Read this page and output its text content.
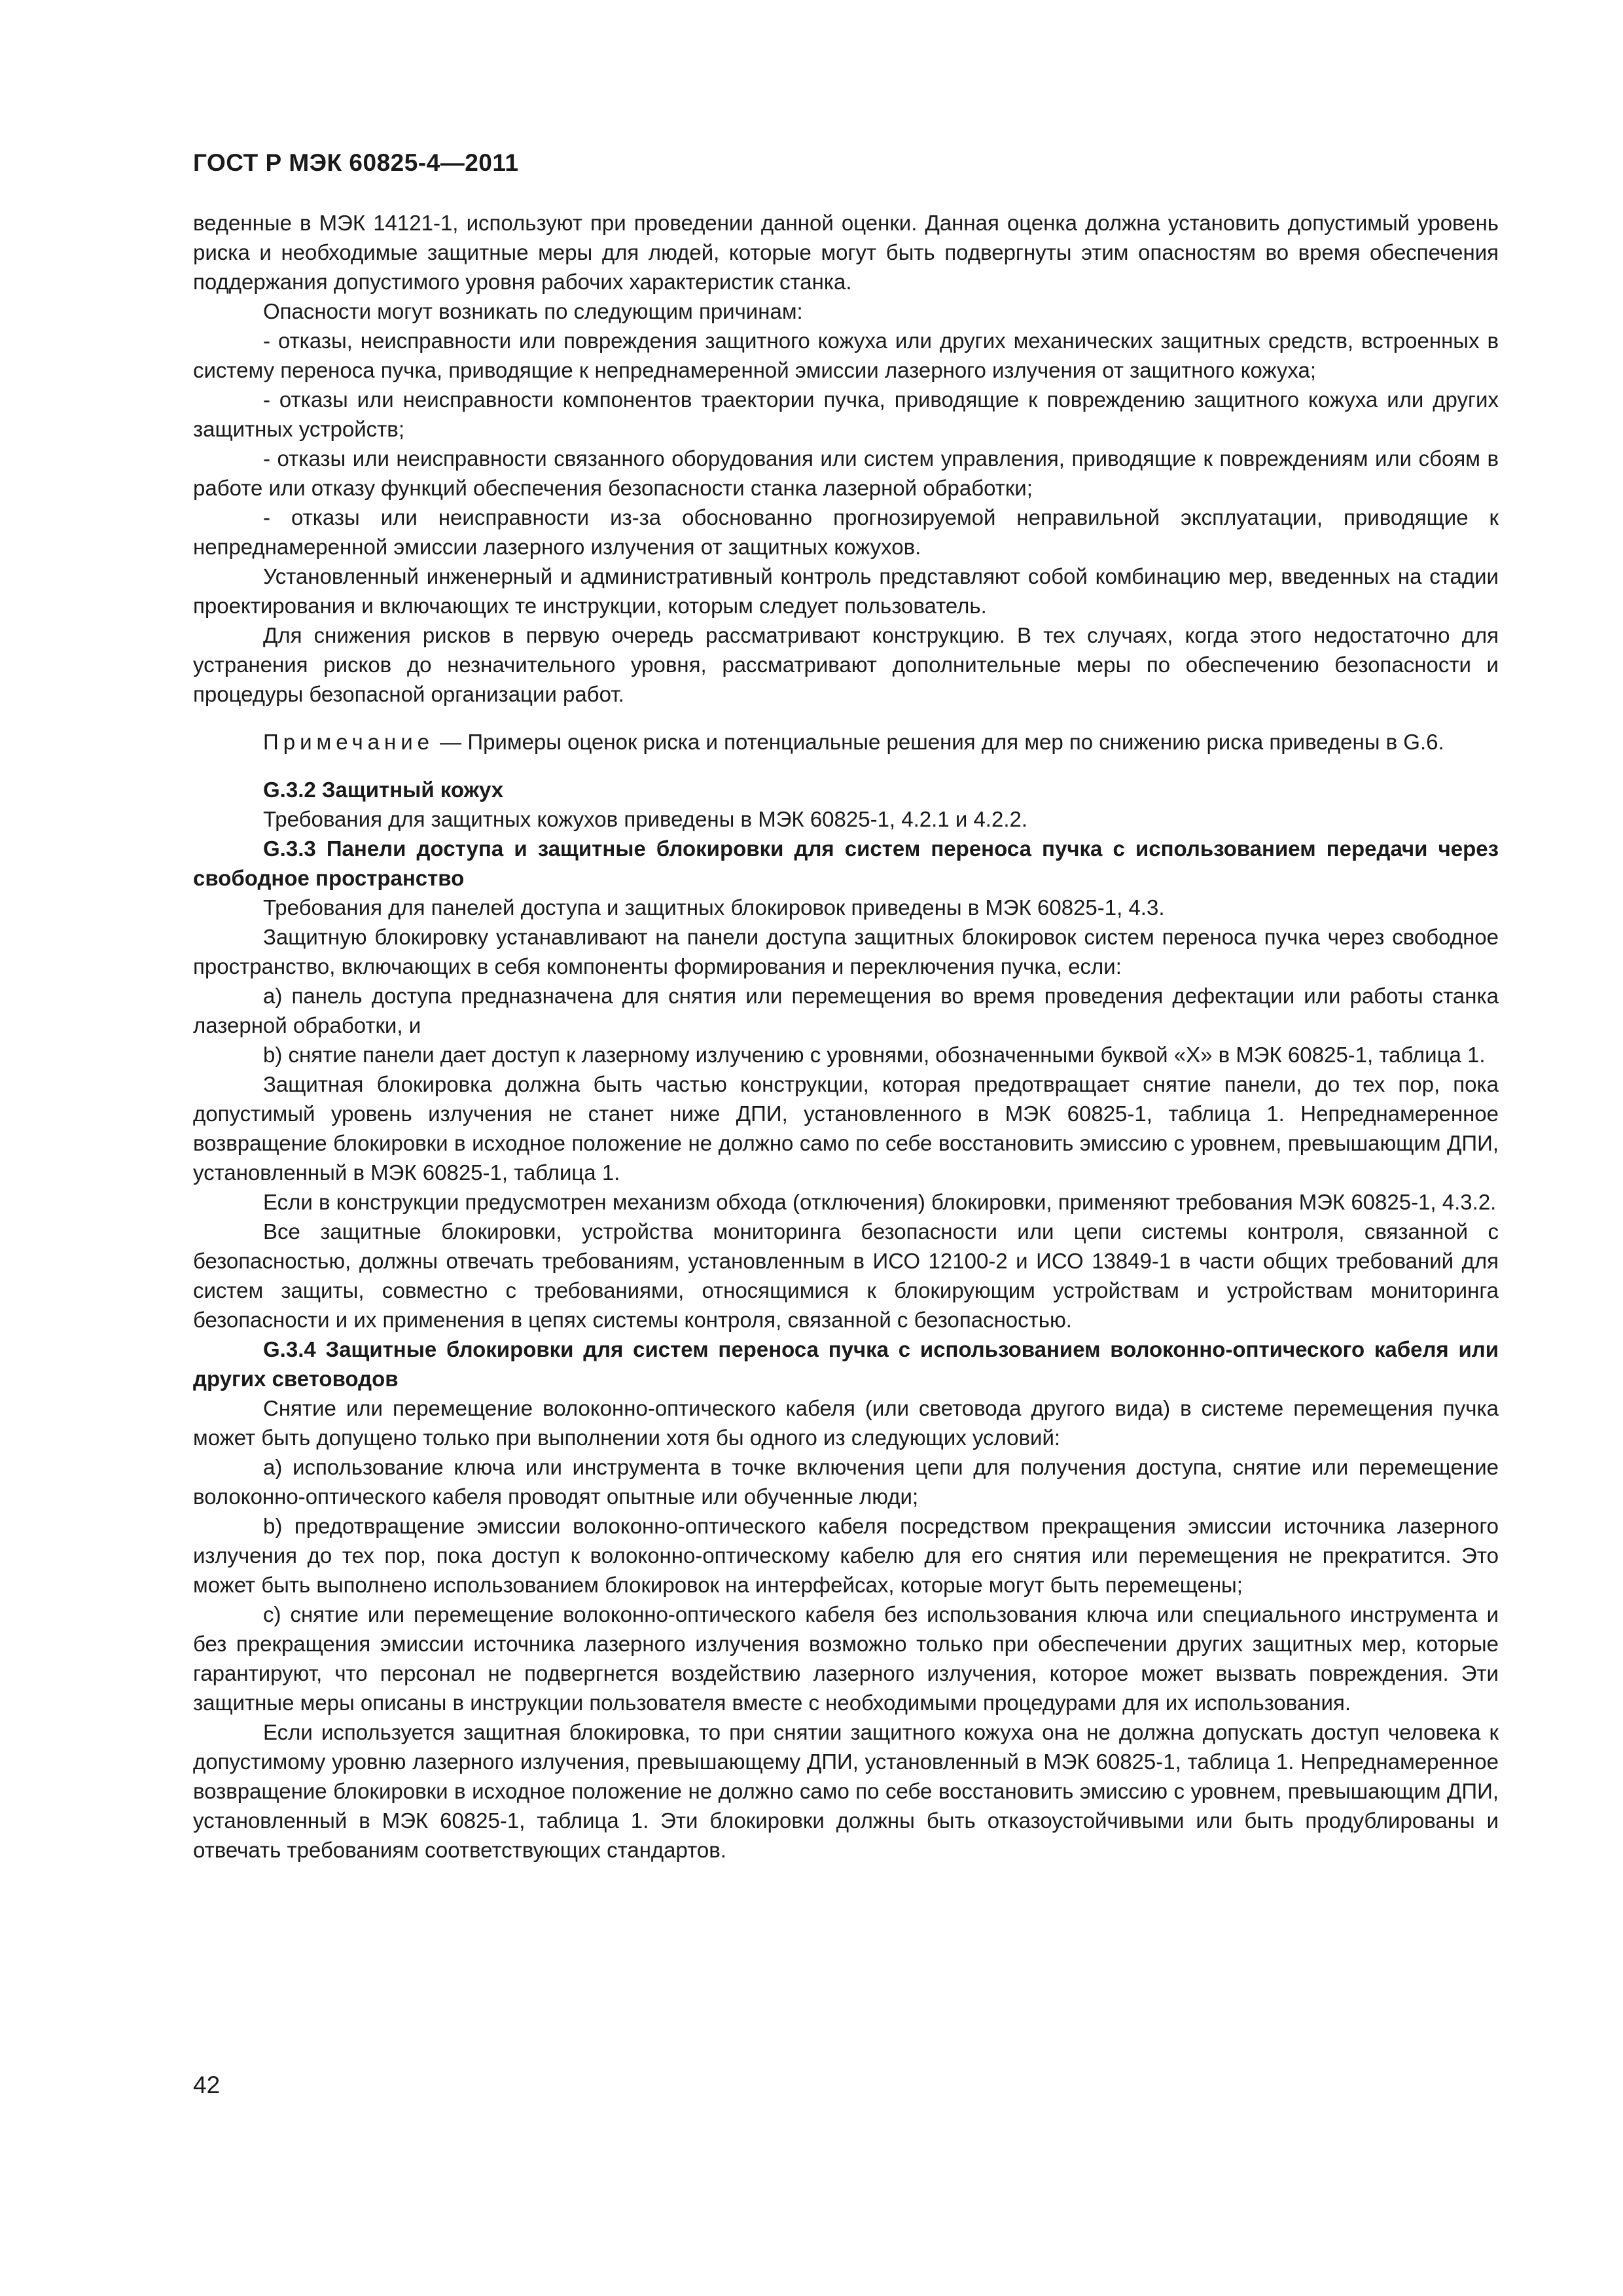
ГОСТ Р МЭК 60825-4—2011

веденные в МЭК 14121-1, используют при проведении данной оценки. Данная оценка должна установить допустимый уровень риска и необходимые защитные меры для людей, которые могут быть подвергнуты этим опасностям во время обеспечения поддержания допустимого уровня рабочих характеристик станка.

Опасности могут возникать по следующим причинам:

- отказы, неисправности или повреждения защитного кожуха или других механических защитных средств, встроенных в систему переноса пучка, приводящие к непреднамеренной эмиссии лазерного излучения от защитного кожуха;

- отказы или неисправности компонентов траектории пучка, приводящие к повреждению защитного кожуха или других защитных устройств;

- отказы или неисправности связанного оборудования или систем управления, приводящие к повреждениям или сбоям в работе или отказу функций обеспечения безопасности станка лазерной обработки;

- отказы или неисправности из-за обоснованно прогнозируемой неправильной эксплуатации, приводящие к непреднамеренной эмиссии лазерного излучения от защитных кожухов.

Установленный инженерный и административный контроль представляют собой комбинацию мер, введенных на стадии проектирования и включающих те инструкции, которым следует пользователь.

Для снижения рисков в первую очередь рассматривают конструкцию. В тех случаях, когда этого недостаточно для устранения рисков до незначительного уровня, рассматривают дополнительные меры по обеспечению безопасности и процедуры безопасной организации работ.

Примечание — Примеры оценок риска и потенциальные решения для мер по снижению риска приведены в G.6.

G.3.2 Защитный кожух

Требования для защитных кожухов приведены в МЭК 60825-1, 4.2.1 и 4.2.2.

G.3.3 Панели доступа и защитные блокировки для систем переноса пучка с использованием передачи через свободное пространство

Требования для панелей доступа и защитных блокировок приведены в МЭК 60825-1, 4.3.

Защитную блокировку устанавливают на панели доступа защитных блокировок систем переноса пучка через свободное пространство, включающих в себя компоненты формирования и переключения пучка, если:

а) панель доступа предназначена для снятия или перемещения во время проведения дефектации или работы станка лазерной обработки, и

b) снятие панели дает доступ к лазерному излучению с уровнями, обозначенными буквой «Х» в МЭК 60825-1, таблица 1.

Защитная блокировка должна быть частью конструкции, которая предотвращает снятие панели, до тех пор, пока допустимый уровень излучения не станет ниже ДПИ, установленного в МЭК 60825-1, таблица 1. Непреднамеренное возвращение блокировки в исходное положение не должно само по себе восстановить эмиссию с уровнем, превышающим ДПИ, установленный в МЭК 60825-1, таблица 1.

Если в конструкции предусмотрен механизм обхода (отключения) блокировки, применяют требования МЭК 60825-1, 4.3.2.

Все защитные блокировки, устройства мониторинга безопасности или цепи системы контроля, связанной с безопасностью, должны отвечать требованиям, установленным в ИСО 12100-2 и ИСО 13849-1 в части общих требований для систем защиты, совместно с требованиями, относящимися к блокирующим устройствам и устройствам мониторинга безопасности и их применения в цепях системы контроля, связанной с безопасностью.

G.3.4 Защитные блокировки для систем переноса пучка с использованием волоконно-оптического кабеля или других световодов

Снятие или перемещение волоконно-оптического кабеля (или световода другого вида) в системе перемещения пучка может быть допущено только при выполнении хотя бы одного из следующих условий:

а) использование ключа или инструмента в точке включения цепи для получения доступа, снятие или перемещение волоконно-оптического кабеля проводят опытные или обученные люди;

b) предотвращение эмиссии волоконно-оптического кабеля посредством прекращения эмиссии источника лазерного излучения до тех пор, пока доступ к волоконно-оптическому кабелю для его снятия или перемещения не прекратится. Это может быть выполнено использованием блокировок на интерфейсах, которые могут быть перемещены;

с) снятие или перемещение волоконно-оптического кабеля без использования ключа или специального инструмента и без прекращения эмиссии источника лазерного излучения возможно только при обеспечении других защитных мер, которые гарантируют, что персонал не подвергнется воздействию лазерного излучения, которое может вызвать повреждения. Эти защитные меры описаны в инструкции пользователя вместе с необходимыми процедурами для их использования.

Если используется защитная блокировка, то при снятии защитного кожуха она не должна допускать доступ человека к допустимому уровню лазерного излучения, превышающему ДПИ, установленный в МЭК 60825-1, таблица 1. Непреднамеренное возвращение блокировки в исходное положение не должно само по себе восстановить эмиссию с уровнем, превышающим ДПИ, установленный в МЭК 60825-1, таблица 1. Эти блокировки должны быть отказоустойчивыми или быть продублированы и отвечать требованиям соответствующих стандартов.

42
